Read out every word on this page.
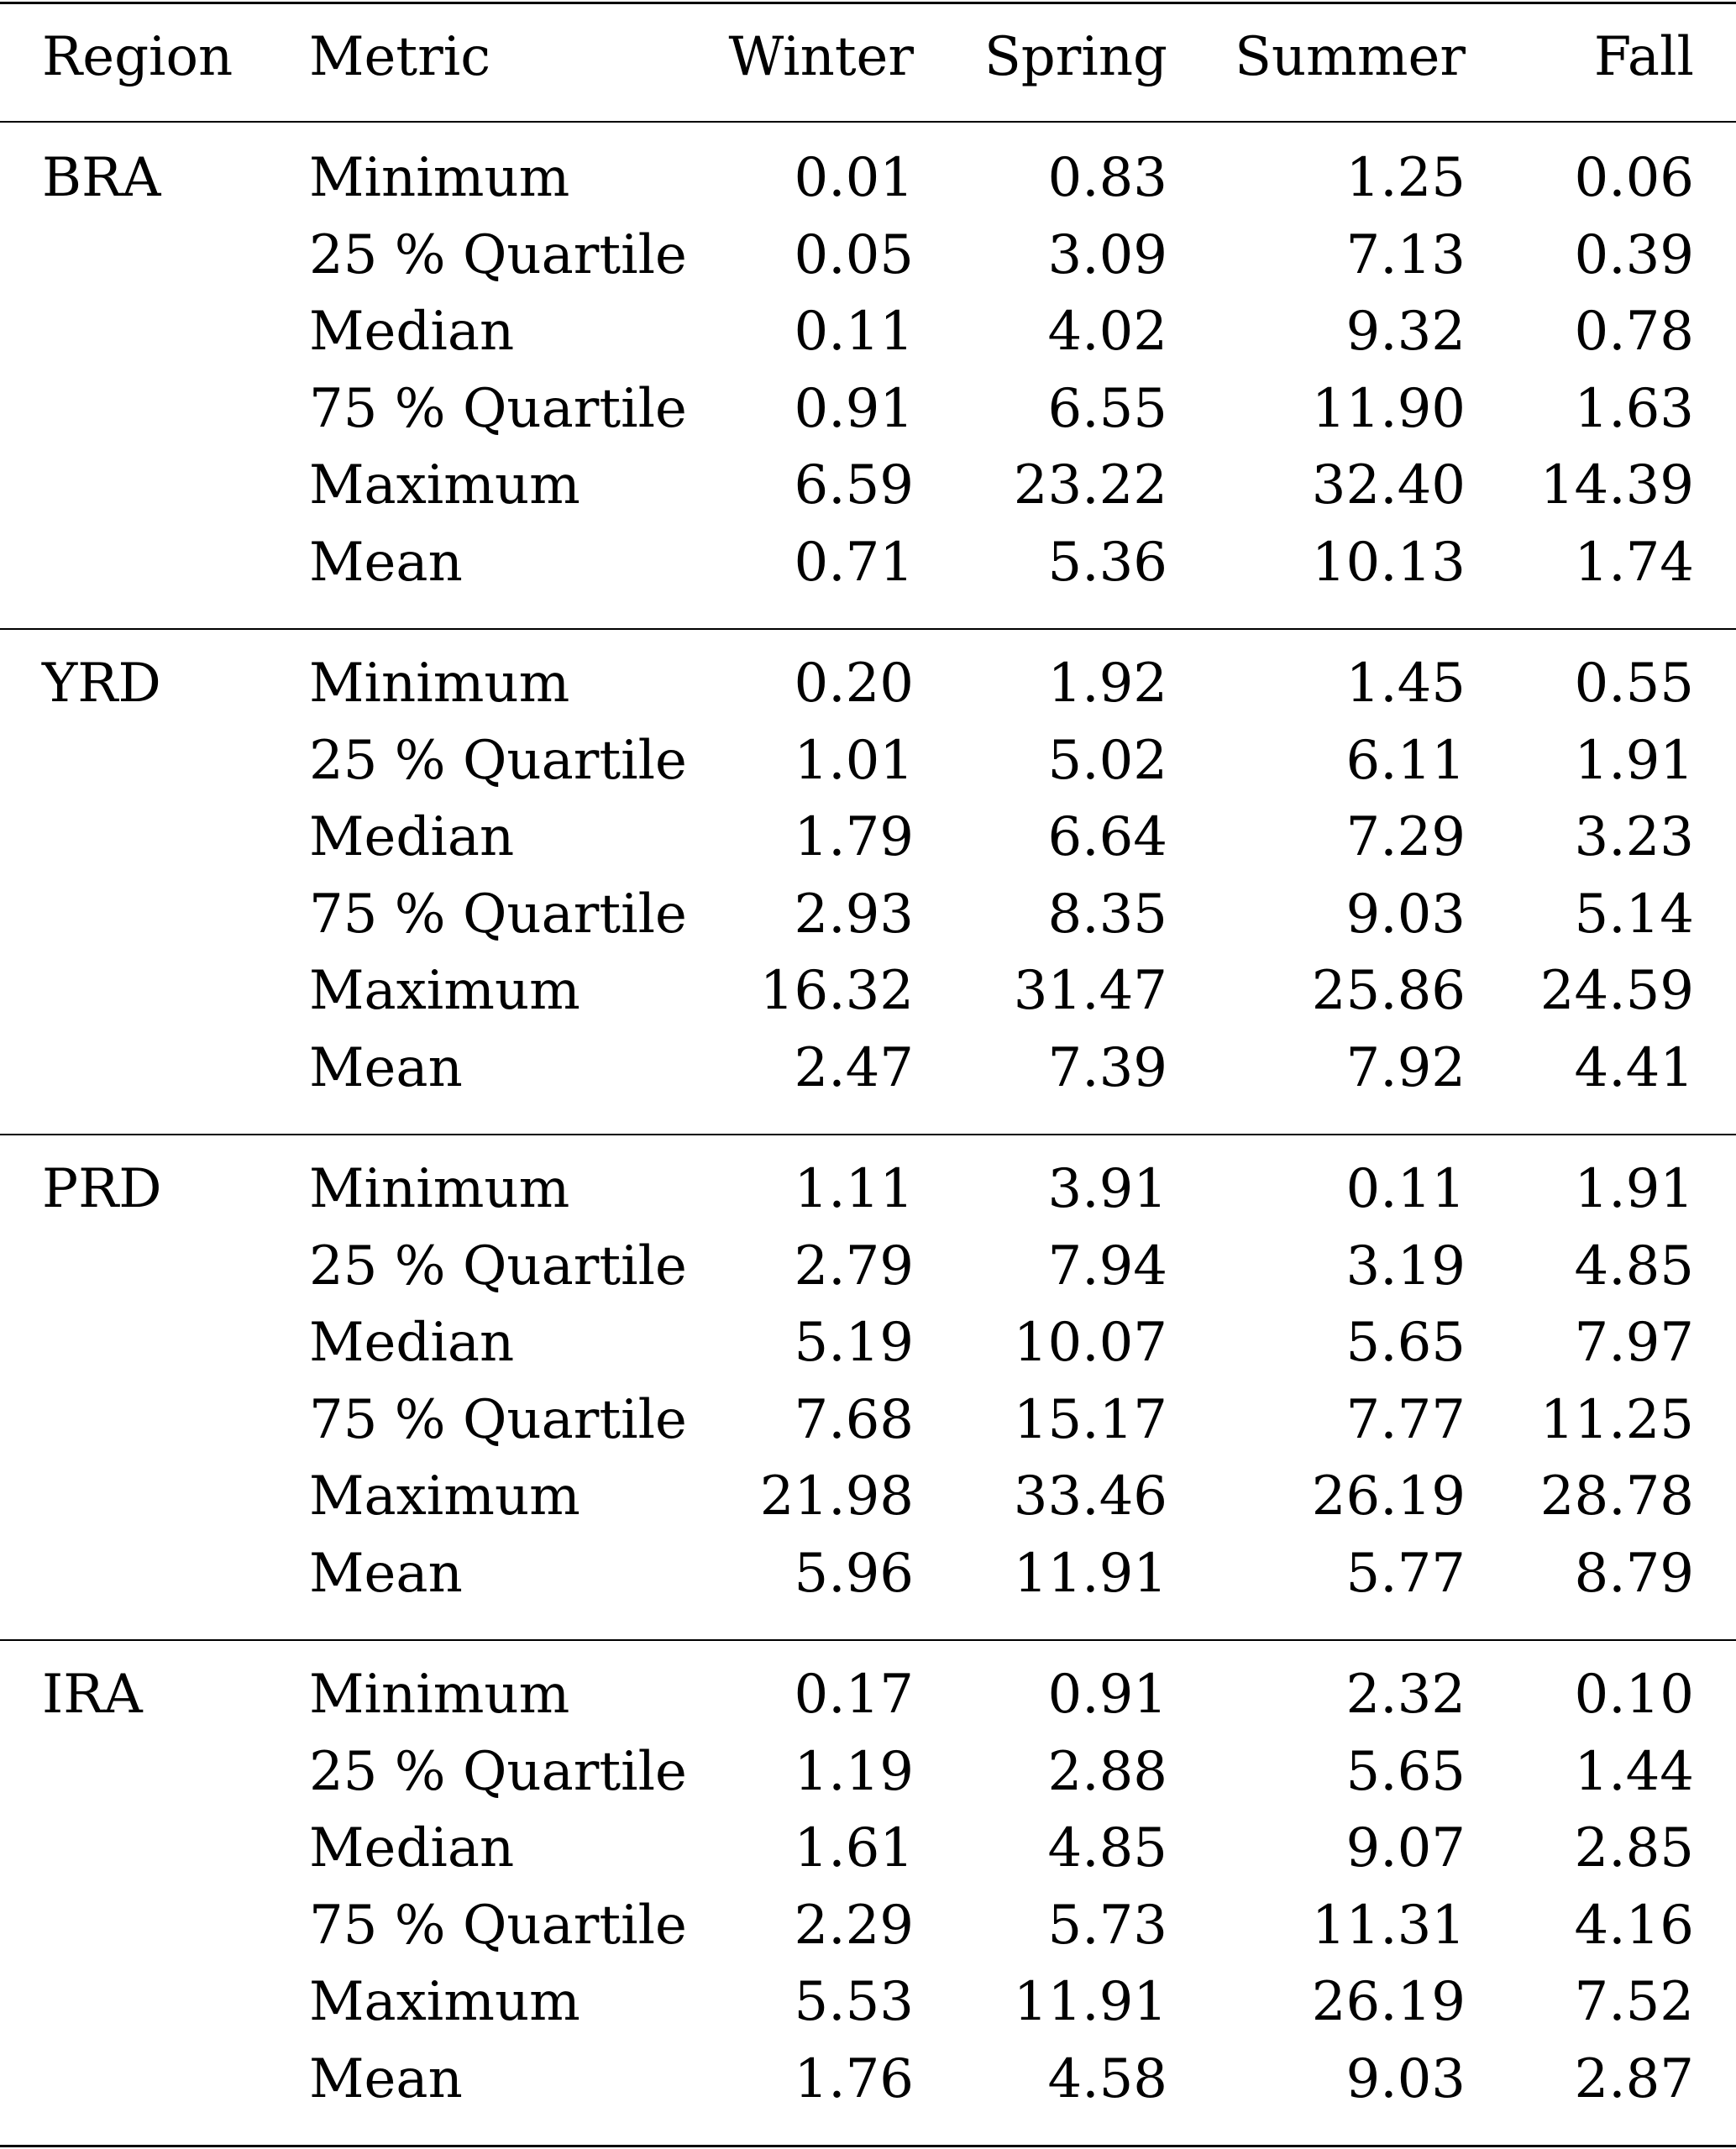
Region Metric	Winter Spring Summer Fall
BRA	Minimum	0.01 0.83	1.25 0.06
25 % Quartile 0.05 3.09	7.13 0.39
Median	0.11 4.02	9.32 0.78
75 % Quartile 0.91 6.55	11.90 1.63
Maximum	6.59 23.22	32.40 14.39
Mean	0.71 5.36	10.13 1.74
YRD	Minimum	0.20 1.92	1.45 0.55
25 % Quartile 1.01 5.02	6.11 1.91
Median	1.79 6.64	7.29 3.23
75 % Quartile 2.93 8.35	9.03 5.14
Maximum	16.32 31.47	25.86 24.59
Mean	2.47 7.39	7.92 4.41
PRD	Minimum	1.11 3.91	0.11 1.91
25 % Quartile 2.79 7.94	3.19 4.85
Median	5.19 10.07	5.65 7.97
75 % Quartile 7.68 15.17	7.77 11.25
Maximum	21.98 33.46	26.19 28.78
Mean	5.96 11.91	5.77 8.79
IRA	Minimum	0.17 0.91	2.32 0.10
25 % Quartile 1.19 2.88	5.65 1.44
Median	1.61 4.85	9.07 2.85
75 % Quartile 2.29 5.73	11.31 4.16
Maximum	5.53 11.91	26.19 7.52
Mean	1.76 4.58	9.03 2.87
